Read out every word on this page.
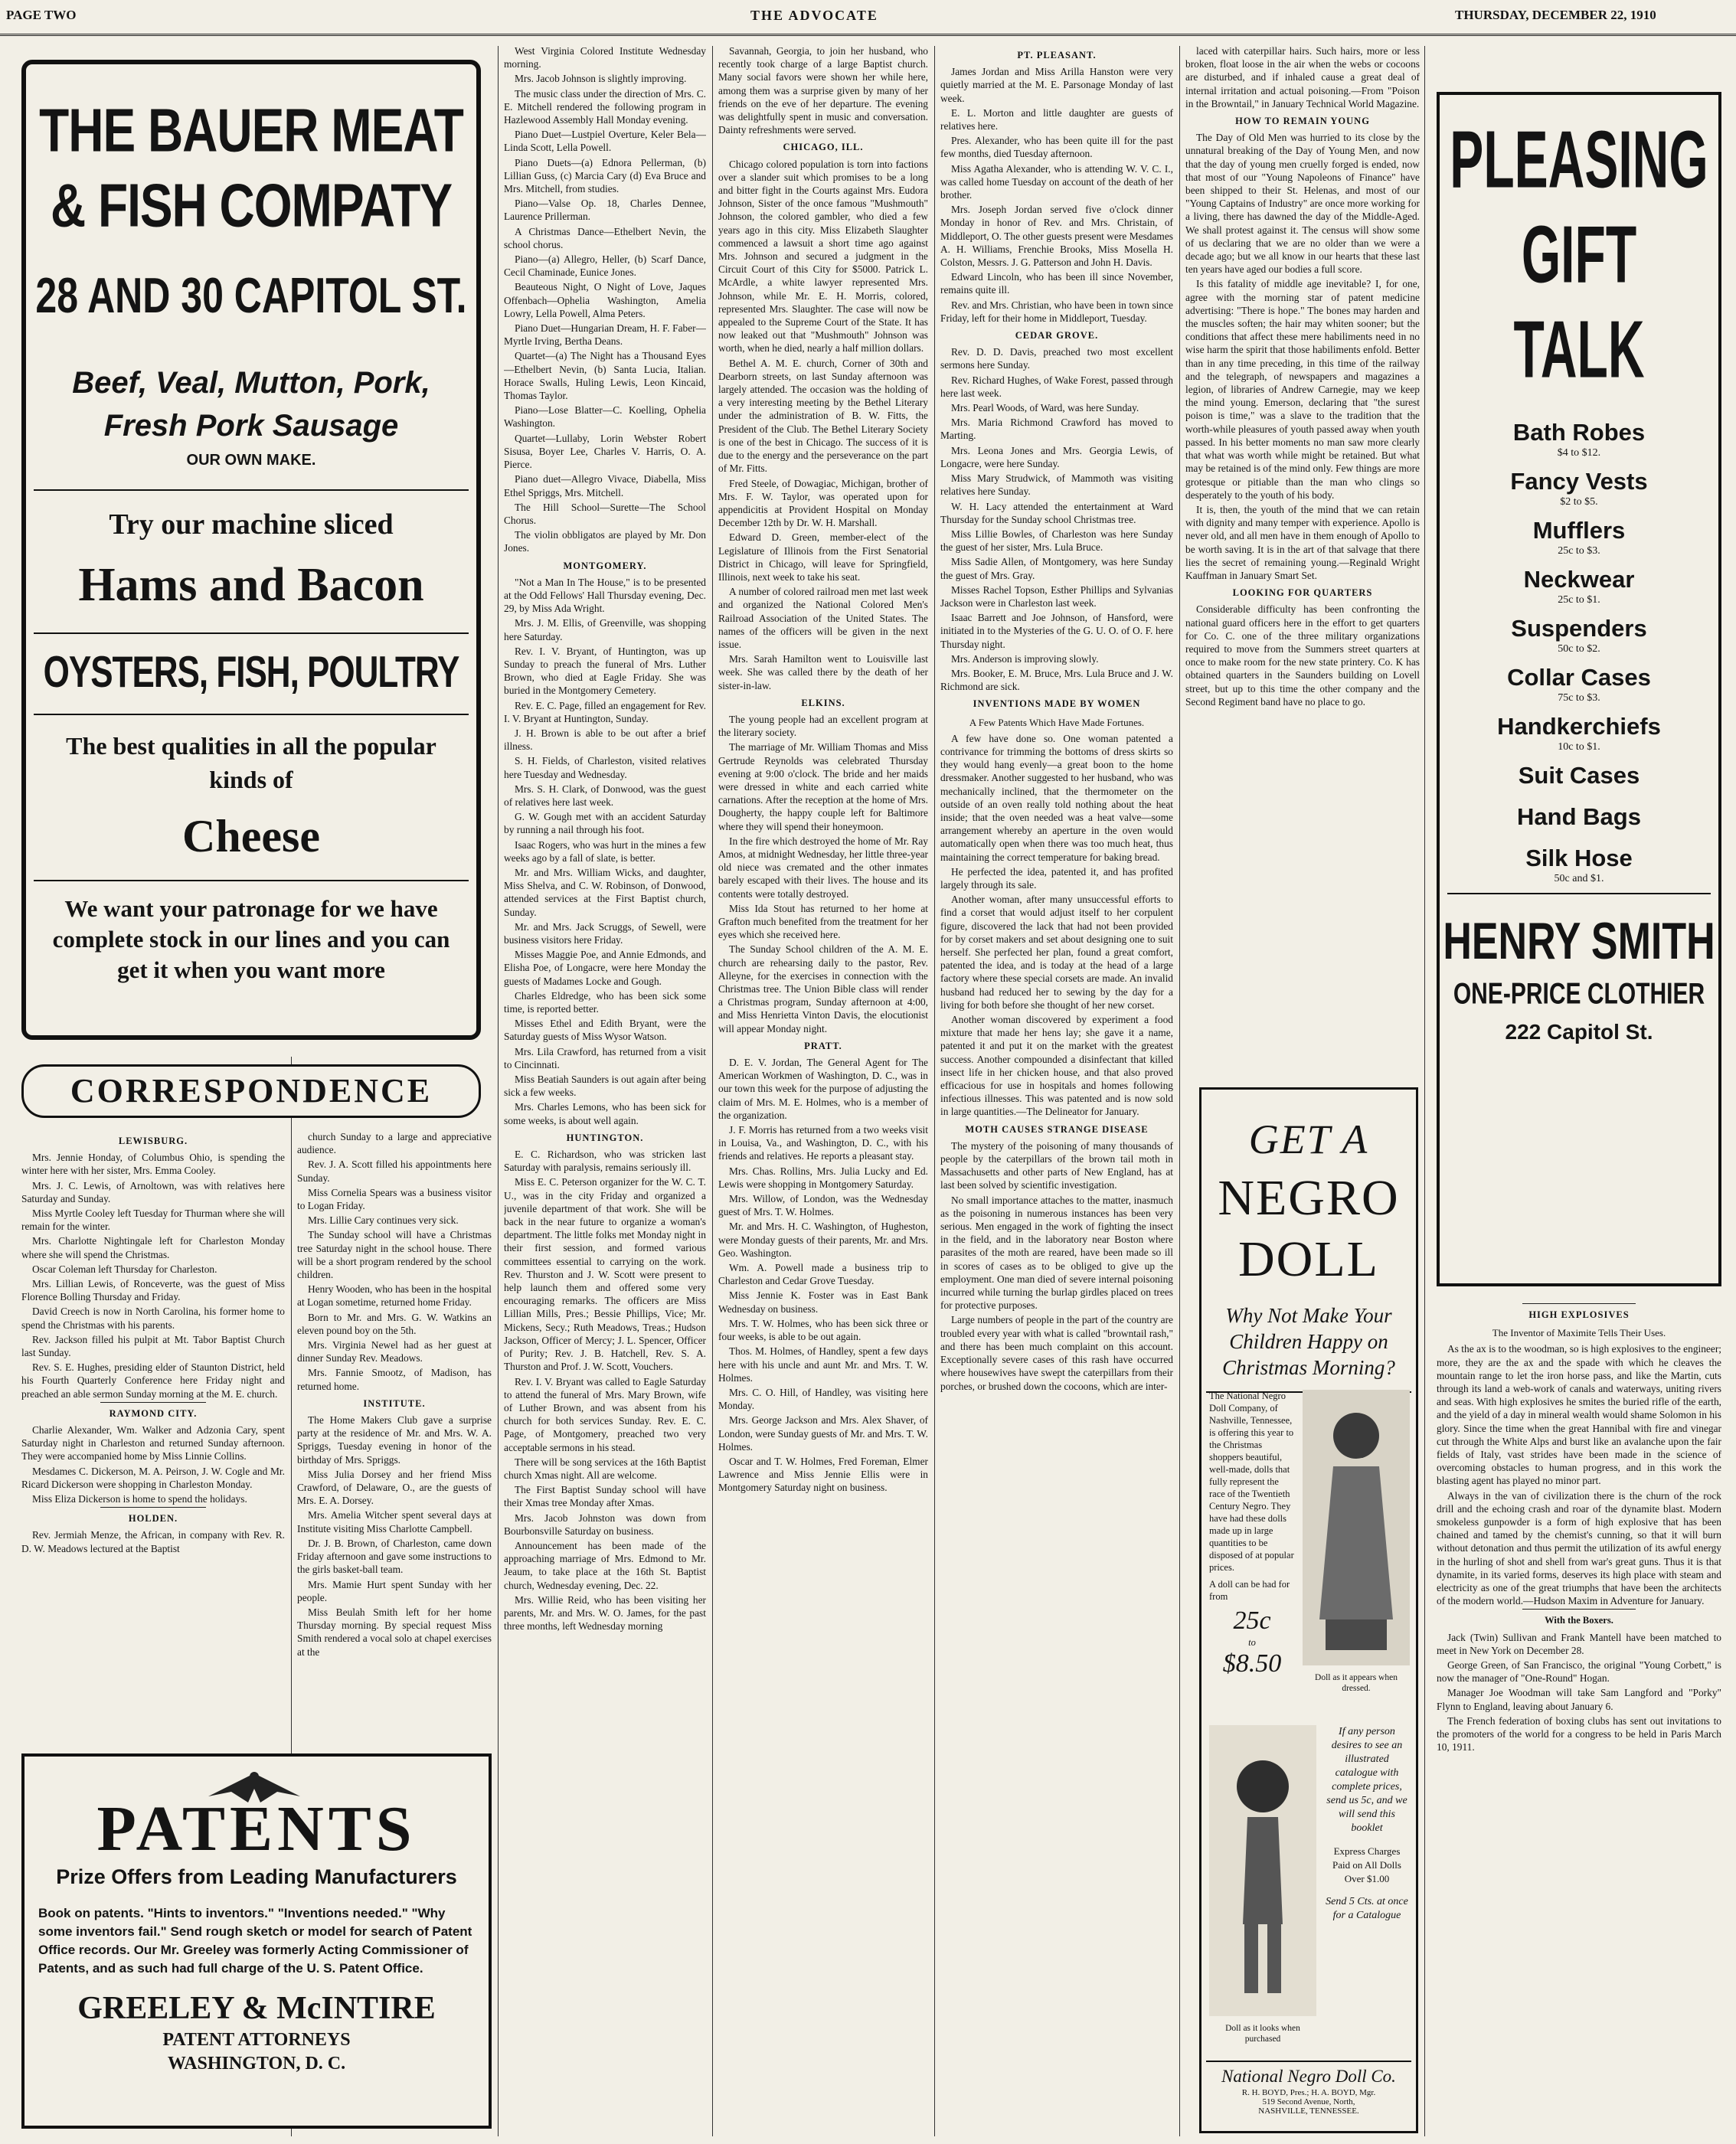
PAGE TWO	THE ADVOCATE	THURSDAY, DECEMBER 22, 1910
THE BAUER MEAT
& FISH COMPATY
28 AND 30 CAPITOL ST.
Beef, Veal, Mutton, Pork, Fresh Pork Sausage
OUR OWN MAKE.
Try our machine sliced
Hams and Bacon
OYSTERS, FISH, POULTRY
The best qualities in all the popular kinds of
Cheese
We want your patronage for we have complete stock in our lines and you can get it when you want more
CORRESPONDENCE
LEWISBURG.

Mrs. Jennie Honday, of Columbus Ohio, is spending the winter here with her sister, Mrs. Emma Cooley.

Mrs. J. C. Lewis, of Arnoltown, was with relatives here Saturday and Sunday.

Miss Myrtle Cooley left Tuesday for Thurman where she will remain for the winter.

Mrs. Charlotte Nightingale left for Charleston Monday where she will spend the Christmas.

Oscar Coleman left Thursday for Charleston.

Mrs. Lillian Lewis, of Ronceverte, was the guest of Miss Florence Bolling Thursday and Friday.

David Creech is now in North Carolina, his former home to spend the Christmas with his parents.

Rev. Jackson filled his pulpit at Mt. Tabor Baptist Church last Sunday.

Rev. S. E. Hughes, presiding elder of Staunton District, held his Fourth Quarterly Conference here Friday night and preached an able sermon Sunday morning at the M. E. church.

RAYMOND CITY.

Charlie Alexander, Wm. Walker and Adzonia Cary, spent Saturday night in Charleston and returned Sunday afternoon. They were accompanied home by Miss Linnie Collins.

Mesdames C. Dickerson, M. A. Peirson, J. W. Cogle and Mr. Ricard Dickerson were shopping in Charleston Monday.

Miss Eliza Dickerson is home to spend the holidays.

HOLDEN.

Rev. Jermiah Menze, the African, in company with Rev. R. D. W. Meadows lectured at the Baptist

church Sunday to a large and appreciative audience.

Rev. J. A. Scott filled his appointments here Sunday.

Miss Cornelia Spears was a business visitor to Logan Friday.

Mrs. Lillie Cary continues very sick.

The Sunday school will have a Christmas tree Saturday night in the school house. There will be a short program rendered by the school children.

Henry Wooden, who has been in the hospital at Logan sometime, returned home Friday.

Born to Mr. and Mrs. G. W. Watkins an eleven pound boy on the 5th.

Mrs. Virginia Newel had as her guest at dinner Sunday Rev. Meadows.

Mrs. Fannie Smootz, of Madison, has returned home.

INSTITUTE.

The Home Makers Club gave a surprise party at the residence of Mr. and Mrs. W. A. Spriggs, Tuesday evening in honor of the birthday of Mrs. Spriggs.

Miss Julia Dorsey and her friend Miss Crawford, of Delaware, O., are the guests of Mrs. E. A. Dorsey.

Mrs. Amelia Witcher spent several days at Institute visiting Miss Charlotte Campbell.

Dr. J. B. Brown, of Charleston, came down Friday afternoon and gave some instructions to the girls basket-ball team.

Mrs. Mamie Hurt spent Sunday with her people.

Miss Beulah Smith left for her home Thursday morning. By special request Miss Smith rendered a vocal solo at chapel exercises at the

PATENTS
Prize Offers from Leading Manufacturers
Book on patents. "Hints to inventors." "Inventions needed." "Why some inventors fail." Send rough sketch or model for search of Patent Office records. Our Mr. Greeley was formerly Acting Commissioner of Patents, and as such had full charge of the U. S. Patent Office.
GREELEY & McINTIRE
PATENT ATTORNEYS
WASHINGTON, D. C.

West Virginia Colored Institute Wednesday morning.

Mrs. Jacob Johnson is slightly improving.

The music class under the direction of Mrs. C. E. Mitchell rendered the following program in Hazlewood Assembly Hall Monday evening.

Piano Duet—Lustpiel Overture, Keler Bela—Linda Scott, Lella Powell.

Piano Duets—(a) Ednora Pellerman, (b) Lillian Guss, (c) Marcia Cary (d) Eva Bruce and Mrs. Mitchell, from studies.

Piano—Valse Op. 18, Charles Dennee, Laurence Prillerman.

A Christmas Dance—Ethelbert Nevin, the school chorus.

Piano—(a) Allegro, Heller, (b) Scarf Dance, Cecil Chaminade, Eunice Jones.

Beauteous Night, O Night of Love, Jaques Offenbach—Ophelia Washington, Amelia Lowry, Lella Powell, Alma Peters.

Piano Duet—Hungarian Dream, H. F. Faber—Myrtle Irving, Bertha Deans.

Quartet—(a) The Night has a Thousand Eyes—Ethelbert Nevin, (b) Santa Lucia, Italian. Horace Swalls, Huling Lewis, Leon Kincaid, Thomas Taylor.

Piano—Lose Blatter—C. Koelling, Ophelia Washington.

Quartet—Lullaby, Lorin Webster Robert Sisusa, Boyer Lee, Charles V. Harris, O. A. Pierce.

Piano duet—Allegro Vivace, Diabella, Miss Ethel Spriggs, Mrs. Mitchell.

The Hill School—Surette—The School Chorus.

The violin obbligatos are played by Mr. Don Jones.

MONTGOMERY.

"Not a Man In The House," is to be presented at the Odd Fellows' Hall Thursday evening, Dec. 29, by Miss Ada Wright.

Mrs. J. M. Ellis, of Greenville, was shopping here Saturday.

Rev. I. V. Bryant, of Huntington, was up Sunday to preach the funeral of Mrs. Luther Brown, who died at Eagle Friday. She was buried in the Montgomery Cemetery.

Rev. E. C. Page, filled an engagement for Rev. I. V. Bryant at Huntington, Sunday.

J. H. Brown is able to be out after a brief illness.

S. H. Fields, of Charleston, visited relatives here Tuesday and Wednesday.

Mrs. S. H. Clark, of Donwood, was the guest of relatives here last week.

G. W. Gough met with an accident Saturday by running a nail through his foot.

Isaac Rogers, who was hurt in the mines a few weeks ago by a fall of slate, is better.

Mr. and Mrs. William Wicks, and daughter, Miss Shelva, and C. W. Robinson, of Donwood, attended services at the First Baptist church, Sunday.

Mr. and Mrs. Jack Scruggs, of Sewell, were business visitors here Friday.

Misses Maggie Poe, and Annie Edmonds, and Elisha Poe, of Longacre, were here Monday the guests of Madames Locke and Gough.

Charles Eldredge, who has been sick some time, is reported better.

Misses Ethel and Edith Bryant, were the Saturday guests of Miss Wysor Watson.

Mrs. Lila Crawford, has returned from a visit to Cincinnati.

Miss Beatiah Saunders is out again after being sick a few weeks.

Mrs. Charles Lemons, who has been sick for some weeks, is about well again.

HUNTINGTON.

E. C. Richardson, who was stricken last Saturday with paralysis, remains seriously ill.

Miss E. C. Peterson organizer for the W. C. T. U., was in the city Friday and organized a juvenile department of that work. She will be back in the near future to organize a woman's department. The little folks met Monday night in their first session, and formed various committees essential to carrying on the work. Rev. Thurston and J. W. Scott were present to help launch them and offered some very encouraging remarks. The officers are Miss Lillian Mills, Pres.; Bessie Phillips, Vice; Mr. Mickens, Secy.; Ruth Meadows, Treas.; Hudson Jackson, Officer of Mercy; J. L. Spencer, Officer of Purity; Rev. J. B. Hatchell, Rev. S. A. Thurston and Prof. J. W. Scott, Vouchers.

Rev. I. V. Bryant was called to Eagle Saturday to attend the funeral of Mrs. Mary Brown, wife of Luther Brown, and was absent from his church for both services Sunday. Rev. E. C. Page, of Montgomery, preached two very acceptable sermons in his stead.

There will be song services at the 16th Baptist church Xmas night. All are welcome.

The First Baptist Sunday school will have their Xmas tree Monday after Xmas.

Mrs. Jacob Johnston was down from Bourbonsville Saturday on business.

Announcement has been made of the approaching marriage of Mrs. Edmond to Mr. Jeaum, to take place at the 16th St. Baptist church, Wednesday evening, Dec. 22.

Mrs. Willie Reid, who has been visiting her parents, Mr. and Mrs. W. O. James, for the past three months, left Wednesday morning

Savannah, Georgia, to join her husband, who recently took charge of a large Baptist church. Many social favors were shown her while here, among them was a surprise given by many of her friends on the eve of her departure. The evening was delightfully spent in music and conversation. Dainty refreshments were served.

CHICAGO, ILL.

Chicago colored population is torn into factions over a slander suit which promises to be a long and bitter fight in the Courts against Mrs. Eudora Johnson, Sister of the once famous "Mushmouth" Johnson, the colored gambler, who died a few years ago in this city. Miss Elizabeth Slaughter commenced a lawsuit a short time ago against Mrs. Johnson and secured a judgment in the Circuit Court of this City for $5000. Patrick L. McArdle, a white lawyer represented Mrs. Johnson, while Mr. E. H. Morris, colored, represented Mrs. Slaughter. The case will now be appealed to the Supreme Court of the State. It has now leaked out that "Mushmouth" Johnson was worth, when he died, nearly a half million dollars.

Bethel A. M. E. church, Corner of 30th and Dearborn streets, on last Sunday afternoon was largely attended. The occasion was the holding of a very interesting meeting by the Bethel Literary under the administration of B. W. Fitts, the President of the Club. The Bethel Literary Society is one of the best in Chicago. The success of it is due to the energy and the perseverance on the part of Mr. Fitts.

Fred Steele, of Dowagiac, Michigan, brother of Mrs. F. W. Taylor, was operated upon for appendicitis at Provident Hospital on Monday December 12th by Dr. W. H. Marshall.

Edward D. Green, member-elect of the Legislature of Illinois from the First Senatorial District in Chicago, will leave for Springfield, Illinois, next week to take his seat.

A number of colored railroad men met last week and organized the National Colored Men's Railroad Association of the United States. The names of the officers will be given in the next issue.

Mrs. Sarah Hamilton went to Louisville last week. She was called there by the death of her sister-in-law.

ELKINS.

The young people had an excellent program at the literary society.

The marriage of Mr. William Thomas and Miss Gertrude Reynolds was celebrated Thursday evening at 9:00 o'clock. The bride and her maids were dressed in white and each carried white carnations. After the reception at the home of Mrs. Dougherty, the happy couple left for Baltimore where they will spend their honeymoon.

In the fire which destroyed the home of Mr. Ray Amos, at midnight Wednesday, her little three-year old niece was cremated and the other inmates barely escaped with their lives. The house and its contents were totally destroyed.

Miss Ida Stout has returned to her home at Grafton much benefited from the treatment for her eyes which she received here.

The Sunday School children of the A. M. E. church are rehearsing daily to the pastor, Rev. Alleyne, for the exercises in connection with the Christmas tree. The Union Bible class will render a Christmas program, Sunday afternoon at 4:00, and Miss Henrietta Vinton Davis, the elocutionist will appear Monday night.

PRATT.

D. E. V. Jordan, The General Agent for The American Workmen of Washington, D. C., was in our town this week for the purpose of adjusting the claim of Mrs. M. E. Holmes, who is a member of the organization.

J. F. Morris has returned from a two weeks visit in Louisa, Va., and Washington, D. C., with his friends and relatives. He reports a pleasant stay.

Mrs. Chas. Rollins, Mrs. Julia Lucky and Ed. Lewis were shopping in Montgomery Saturday.

Mrs. Willow, of London, was the Wednesday guest of Mrs. T. W. Holmes.

Mr. and Mrs. H. C. Washington, of Hugheston, were Monday guests of their parents, Mr. and Mrs. Geo. Washington.

Wm. A. Powell made a business trip to Charleston and Cedar Grove Tuesday.

Miss Jennie K. Foster was in East Bank Wednesday on business.

Mrs. T. W. Holmes, who has been sick three or four weeks, is able to be out again.

Thos. M. Holmes, of Handley, spent a few days here with his uncle and aunt Mr. and Mrs. T. W. Holmes.

Mrs. C. O. Hill, of Handley, was visiting here Monday.

Mrs. George Jackson and Mrs. Alex Shaver, of London, were Sunday guests of Mr. and Mrs. T. W. Holmes.

Oscar and T. W. Holmes, Fred Foreman, Elmer Lawrence and Miss Jennie Ellis were in Montgomery Saturday night on business.

PT. PLEASANT.

James Jordan and Miss Arilla Hanston were very quietly married at the M. E. Parsonage Monday of last week.

E. L. Morton and little daughter are guests of relatives here.

Pres. Alexander, who has been quite ill for the past few months, died Tuesday afternoon.

Miss Agatha Alexander, who is attending W. V. C. I., was called home Tuesday on account of the death of her brother.

Mrs. Joseph Jordan served five o'clock dinner Monday in honor of Rev. and Mrs. Christain, of Middleport, O. The other guests present were Mesdames A. H. Williams, Frenchie Brooks, Miss Mosella H. Colston, Messrs. J. G. Patterson and John H. Davis.

Edward Lincoln, who has been ill since November, remains quite ill.

Rev. and Mrs. Christian, who have been in town since Friday, left for their home in Middleport, Tuesday.

CEDAR GROVE.

Rev. D. D. Davis, preached two most excellent sermons here Sunday.

Rev. Richard Hughes, of Wake Forest, passed through here last week.

Mrs. Pearl Woods, of Ward, was here Sunday.

Mrs. Maria Richmond Crawford has moved to Marting.

Mrs. Leona Jones and Mrs. Georgia Lewis, of Longacre, were here Sunday.

Miss Mary Strudwick, of Mammoth was visiting relatives here Sunday.

W. H. Lacy attended the entertainment at Ward Thursday for the Sunday school Christmas tree.

Miss Lillie Bowles, of Charleston was here Sunday the guest of her sister, Mrs. Lula Bruce.

Miss Sadie Allen, of Montgomery, was here Sunday the guest of Mrs. Gray.

Misses Rachel Topson, Esther Phillips and Sylvanias Jackson were in Charleston last week.

Isaac Barrett and Joe Johnson, of Hansford, were initiated in to the Mysteries of the G. U. O. of O. F. here Thursday night.

Mrs. Anderson is improving slowly.

Mrs. Booker, E. M. Bruce, Mrs. Lula Bruce and J. W. Richmond are sick.

INVENTIONS MADE BY WOMEN
A Few Patents Which Have Made Fortunes.

A few have done so. One woman patented a contrivance for trimming the bottoms of dress skirts so they would hang evenly—a great boon to the home dressmaker. Another suggested to her husband, who was mechanically inclined, that the thermometer on the outside of an oven really told nothing about the heat inside; that the oven needed was a heat valve—some arrangement whereby an aperture in the oven would automatically open when there was too much heat, thus maintaining the correct temperature for baking bread.

He perfected the idea, patented it, and has profited largely through its sale.

Another woman, after many unsuccessful efforts to find a corset that would adjust itself to her corpulent figure, discovered the lack that had not been provided for by corset makers and set about designing one to suit herself. She perfected her plan, found a great comfort, patented the idea, and is today at the head of a large factory where these special corsets are made. An invalid husband had reduced her to sewing by the day for a living for both before she thought of her new corset.

Another woman discovered by experiment a food mixture that made her hens lay; she gave it a name, patented it and put it on the market with the greatest success. Another compounded a disinfectant that killed insect life in her chicken house, and that also proved efficacious for use in hospitals and homes following infectious illnesses. This was patented and is now sold in large quantities.—The Delineator for January.

MOTH CAUSES STRANGE DISEASE

The mystery of the poisoning of many thousands of people by the caterpillars of the brown tail moth in Massachusetts and other parts of New England, has at last been solved by scientific investigation.

No small importance attaches to the matter, inasmuch as the poisoning in numerous instances has been very serious. Men engaged in the work of fighting the insect in the field, and in the laboratory near Boston where parasites of the moth are reared, have been made so ill in scores of cases as to be obliged to give up the employment. One man died of severe internal poisoning incurred while turning the burlap girdles placed on trees for protective purposes.

Large numbers of people in the part of the country are troubled every year with what is called "browntail rash," and there has been much complaint on this account. Exceptionally severe cases of this rash have occurred where housewives have swept the caterpillars from their porches, or brushed down the cocoons, which are inter-

laced with caterpillar hairs. Such hairs, more or less broken, float loose in the air when the webs or cocoons are disturbed, and if inhaled cause a great deal of internal irritation and actual poisoning.—From "Poison in the Browntail," in January Technical World Magazine.

HOW TO REMAIN YOUNG

The Day of Old Men was hurried to its close by the unnatural breaking of the Day of Young Men, and now that the day of young men cruelly forged is ended, now that most of our "Young Napoleons of Finance" have been shipped to their St. Helenas, and most of our "Young Captains of Industry" are once more working for a living, there has dawned the day of the Middle-Aged. We shall protest against it. The census will show some of us declaring that we are no older than we were a decade ago; but we all know in our hearts that these last ten years have aged our bodies a full score.

Is this fatality of middle age inevitable? I, for one, agree with the morning star of patent medicine advertising: "There is hope." The bones may harden and the muscles soften; the hair may whiten sooner; but the conditions that affect these mere habiliments need in no wise harm the spirit that those habiliments enfold. Better than in any time preceding, in this time of the railway and the telegraph, of newspapers and magazines a legion, of libraries of Andrew Carnegie, may we keep the mind young. Emerson, declaring that "the surest poison is time," was a slave to the tradition that the worth-while pleasures of youth passed away when youth passed. In his better moments no man saw more clearly that what was worth while might be retained. But what may be retained is of the mind only. Few things are more grotesque or pitiable than the man who clings so desperately to the youth of his body.

It is, then, the youth of the mind that we can retain with dignity and many temper with experience. Apollo is never old, and all men have in them enough of Apollo to be worth saving. It is in the art of that salvage that there lies the secret of remaining young.—Reginald Wright Kauffman in January Smart Set.

LOOKING FOR QUARTERS

Considerable difficulty has been confronting the national guard officers here in the effort to get quarters for Co. C. one of the three military organizations required to move from the Summers street quarters at once to make room for the new state printery. Co. K has obtained quarters in the Saunders building on Lovell street, but up to this time the other company and the Second Regiment band have no place to go.

GET A
NEGRO
DOLL
Why Not Make Your Children Happy on Christmas Morning?
The National Negro Doll Company, of Nashville, Tennessee, is offering this year to the Christmas shoppers beautiful, well-made, dolls that fully represent the race of the Twentieth Century Negro. They have had these dolls made up in large quantities to be disposed of at popular prices.
A doll can be had for from
25c
to
$8.50	Doll as it appears when dressed.
Doll as it looks when purchased
If any person desires to see an illustrated catalogue with complete prices, send us 5c, and we will send this booklet
Express Charges Paid on All Dolls Over $1.00
Send 5 Cts. at once for a Catalogue
National Negro Doll Co.
R. H. BOYD, Pres.; H. A. BOYD, Mgr.
519 Second Avenue, North,
NASHVILLE, TENNESSEE.
PLEASING
GIFT
TALK
Bath Robes
$4 to $12.
Fancy Vests
$2 to $5.
Mufflers
25c to $3.
Neckwear
25c to $1.
Suspenders
50c to $2.
Collar Cases
75c to $3.
Handkerchiefs
10c to $1.
Suit Cases
Hand Bags
Silk Hose
50c and $1.
HENRY SMITH
ONE-PRICE CLOTHIER
222 Capitol St.
HIGH EXPLOSIVES
The Inventor of Maximite Tells Their Uses.

As the ax is to the woodman, so is high explosives to the engineer; more, they are the ax and the spade with which he cleaves the mountain range to let the iron horse pass, and like the Martin, cuts through its land a web-work of canals and waterways, uniting rivers and seas. With high explosives he smites the buried rifle of the earth, and the yield of a day in mineral wealth would shame Solomon in his glory. Since the time when the great Hannibal with fire and vinegar cut through the White Alps and burst like an avalanche upon the fair fields of Italy, vast strides have been made in the science of overcoming obstacles to human progress, and in this work the blasting agent has played no minor part.

Always in the van of civilization there is the churn of the rock drill and the echoing crash and roar of the dynamite blast. Modern smokeless gunpowder is a form of high explosive that has been chained and tamed by the chemist's cunning, so that it will burn without detonation and thus permit the utilization of its awful energy in the hurling of shot and shell from war's great guns. Thus it is that dynamite, in its varied forms, deserves its high place with steam and electricity as one of the great triumphs that have been the architects of the modern world.—Hudson Maxim in Adventure for January.

With the Boxers.

Jack (Twin) Sullivan and Frank Mantell have been matched to meet in New York on December 28.

George Green, of San Francisco, the original "Young Corbett," is now the manager of "One-Round" Hogan.

Manager Joe Woodman will take Sam Langford and "Porky" Flynn to England, leaving about January 6.

The French federation of boxing clubs has sent out invitations to the promoters of the world for a congress to be held in Paris March 10, 1911.
